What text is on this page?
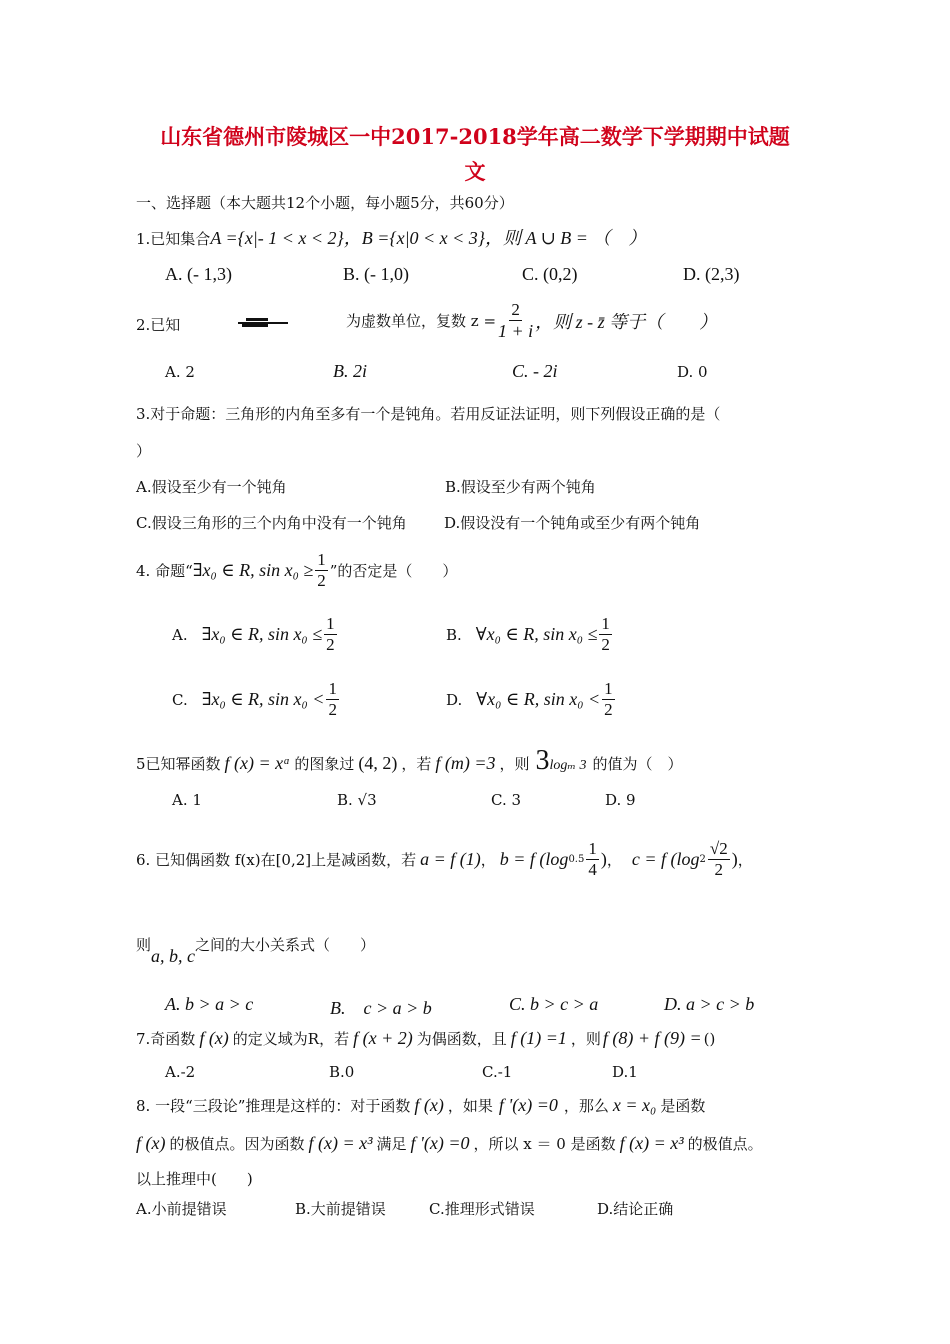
山东省德州市陵城区一中2017-2018学年高二数学下学期期中试题
文
一、选择题（本大题共12个小题，每小题5分，共60分）
1.已知集合A ={x|- 1 < x < 2}，B ={x|0 < x < 3}，则 A ∪ B = （　）
A. (- 1,3)	B. (- 1,0)	C. (0,2)	D. (2,3)
2.已知	为虚数单位，复数 $z = \frac{2}{1 + i}$ ，则 z - z̄ 等于（　　）
A. 2	B. 2i	C. - 2i	D. 0
3.对于命题：三角形的内角至多有一个是钝角。若用反证法证明，则下列假设正确的是（
）
A.假设至少有一个钝角	B.假设至少有两个钝角
C.假设三角形的三个内角中没有一个钝角 D.假设没有一个钝角或至少有两个钝角
4. 命题“ ∃x₀ ∈ R, $\sin x_0 \ge \frac{1}{2}$ ”的否定是（　　）
A. ∃x₀ ∈ R, $\sin x_0 \le \frac{1}{2}$	B. ∀x₀ ∈ R, $\sin x_0 \le \frac{1}{2}$
C. ∃x₀ ∈ R, $\sin x_0 < \frac{1}{2}$	D. ∀x₀ ∈ R, $\sin x_0 < \frac{1}{2}$
5已知幂函数 f (x) = xᵅ 的图象过 (4, 2) ，若 f (m) =3 ，则 3 logₘ 3 的值为（　）
A. 1	B. √3	C. 3	D. 9
6. 已知偶函数 f(x)在[0,2]上是减函数，若 a = f (1) ， b = f (log $0.5 \frac{1}{4}$ ) ， c = f (log $2 \frac{√2}{2}$ ) ，
则a, b, c之间的大小关系式（　　）
A. b > a > c	B.　c > a > b	C. b > c > a	D. a > c > b
7.奇函数 f (x) 的定义域为R，若 f (x + 2) 为偶函数，且 f (1) =1 ，则 f (8) + f (9) = ()
A.-2	B.0	C.-1	D.1
8. 一段“三段论”推理是这样的：对于函数 f (x) ，如果 f '(x) =0 ，那么 x = x₀ 是函数
f (x) 的极值点。因为函数 f (x) = x³ 满足 f '(x) =0 ，所以 x ＝ 0 是函数 f (x) = x³ 的极值点。
以上推理中(　　)
A.小前提错误	B.大前提错误	C.推理形式错误	D.结论正确
